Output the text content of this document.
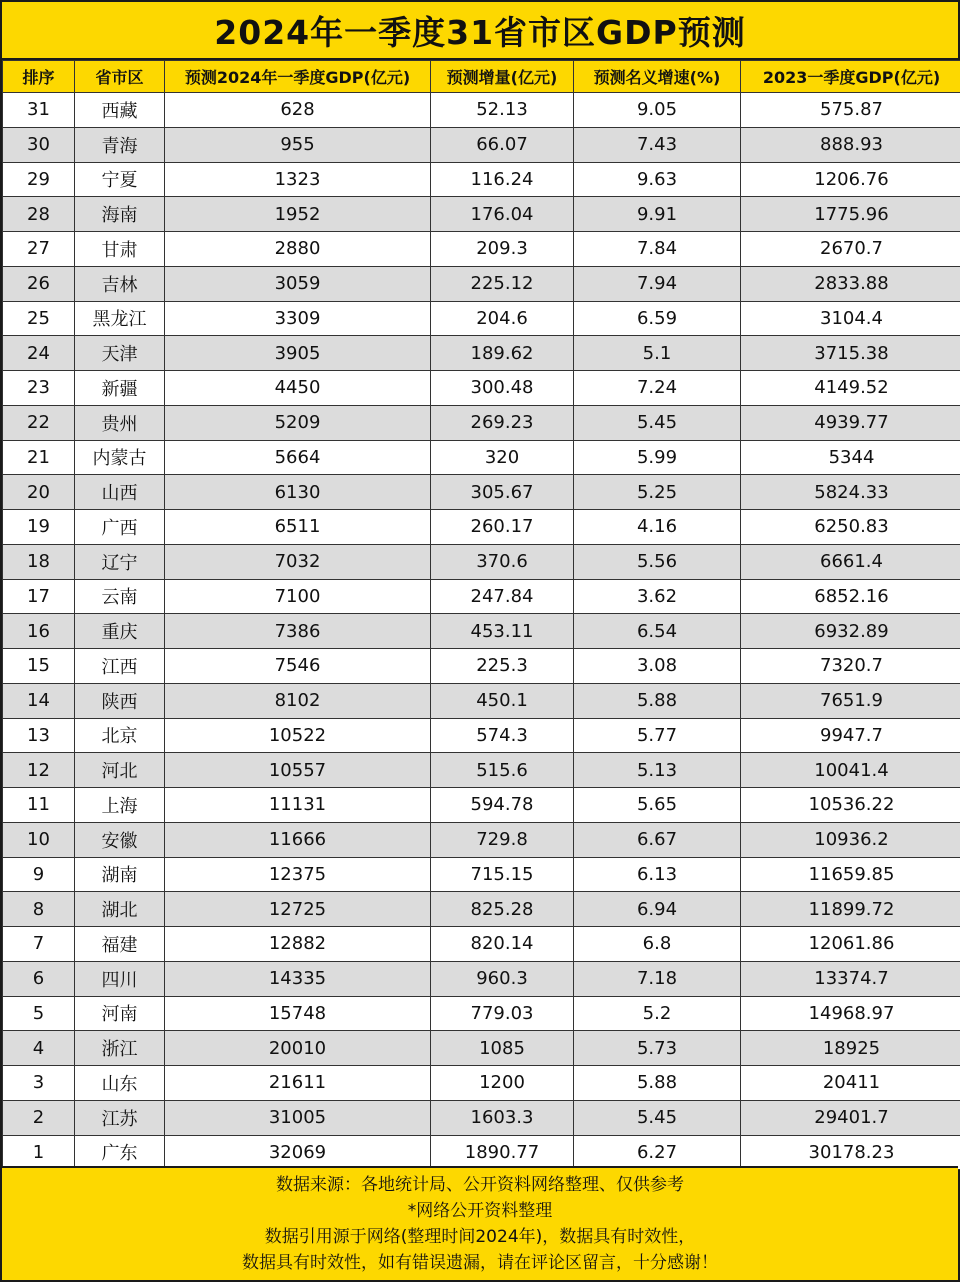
2024年一季度31省市区GDP预测
排序	省市区	预测2024年一季度GDP(亿元)	预测增量(亿元)	预测名义增速(%)	2023一季度GDP(亿元)
31	西藏	628	52.13	9.05	575.87
30	青海	955	66.07	7.43	888.93
29	宁夏	1323	116.24	9.63	1206.76
28	海南	1952	176.04	9.91	1775.96
27	甘肃	2880	209.3	7.84	2670.7
26	吉林	3059	225.12	7.94	2833.88
25	黑龙江	3309	204.6	6.59	3104.4
24	天津	3905	189.62	5.1	3715.38
23	新疆	4450	300.48	7.24	4149.52
22	贵州	5209	269.23	5.45	4939.77
21	内蒙古	5664	320	5.99	5344
20	山西	6130	305.67	5.25	5824.33
19	广西	6511	260.17	4.16	6250.83
18	辽宁	7032	370.6	5.56	6661.4
17	云南	7100	247.84	3.62	6852.16
16	重庆	7386	453.11	6.54	6932.89
15	江西	7546	225.3	3.08	7320.7
14	陕西	8102	450.1	5.88	7651.9
13	北京	10522	574.3	5.77	9947.7
12	河北	10557	515.6	5.13	10041.4
11	上海	11131	594.78	5.65	10536.22
10	安徽	11666	729.8	6.67	10936.2
9	湖南	12375	715.15	6.13	11659.85
8	湖北	12725	825.28	6.94	11899.72
7	福建	12882	820.14	6.8	12061.86
6	四川	14335	960.3	7.18	13374.7
5	河南	15748	779.03	5.2	14968.97
4	浙江	20010	1085	5.73	18925
3	山东	21611	1200	5.88	20411
2	江苏	31005	1603.3	5.45	29401.7
1	广东	32069	1890.77	6.27	30178.23
数据来源：各地统计局、公开资料网络整理、仅供参考
*网络公开资料整理
数据引用源于网络(整理时间2024年)，数据具有时效性，
数据具有时效性，如有错误遗漏，请在评论区留言，十分感谢！
